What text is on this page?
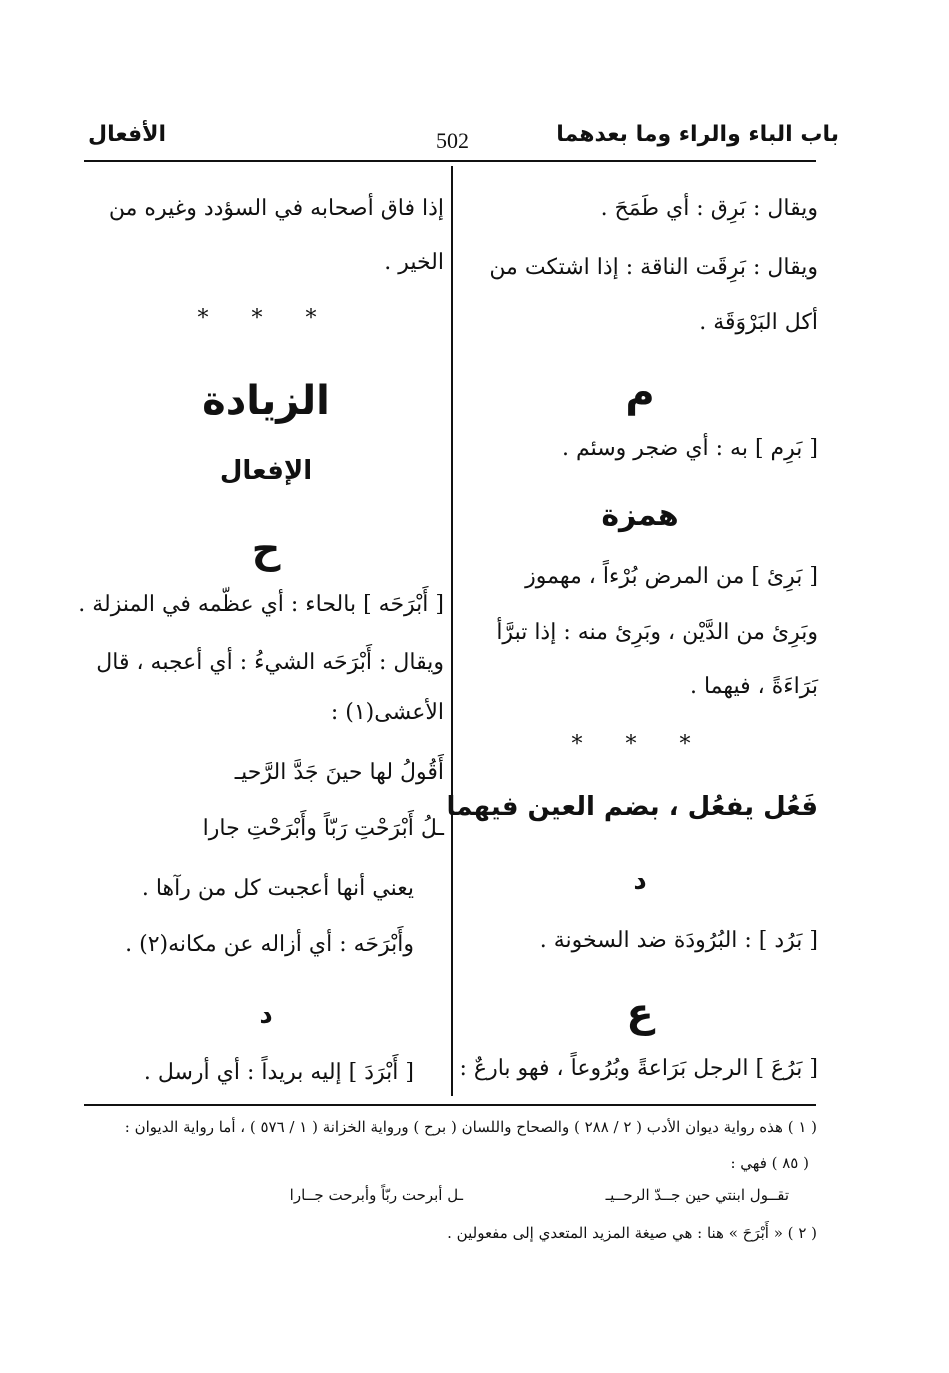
باب الباء والراء وما بعدهما
502
الأفعال
ويقال : بَرِق : أي طَمَحَ .
ويقال : بَرِقَت الناقة : إذا اشتكت من
أكل البَرْوَقَة .
م
[ بَرِم ] به : أي ضجر وسئم .
همزة
[ بَرِئ ] من المرض بُرْءاً ، مهموز
وبَرِئ من الدَّيْن ، وبَرِئ منه : إذا تبرَّأ
بَرَاءَةً ، فيهما .
* * *
فَعُل يفعُل ، بضم العين فيهما
د
[ بَرُد ] : البُرُودَة ضد السخونة .
ع
[ بَرُعَ ] الرجل بَرَاعةً وبُرُوعاً ، فهو بارعٌ :
إذا فاق أصحابه في السؤدد وغيره من
الخير .
* * *
الزيادة
الإفعال
ح
[ أَبْرَحَه ] بالحاء : أي عظّمه في المنزلة .
ويقال : أَبْرَحَه الشيءُ : أي أعجبه ، قال
الأعشى(١) :
أَقُولُ لها حينَ جَدَّ الرَّحيـ
ـلُ أَبْرَحْتِ رَبّاً وأَبْرَحْتِ جارا
يعني أنها أعجبت كل من رآها .
وأَبْرَحَه : أي أزاله عن مكانه(٢) .
د
[ أَبْرَدَ ] إليه بريداً : أي أرسل .
( ١ ) هذه رواية ديوان الأدب ( ٢ / ٢٨٨ ) والصحاح واللسان ( برح ) ورواية الخزانة ( ١ / ٥٧٦ ) ، أما رواية الديوان :
( ٨٥ ) فهي :
تقــول ابنتي حين جــدّ الرحــيـ
ـل أبرحت ربّاً وأبرحت جــارا
( ٢ ) « أَبْرَحَ » هنا : هي صيغة المزيد المتعدي إلى مفعولين .
